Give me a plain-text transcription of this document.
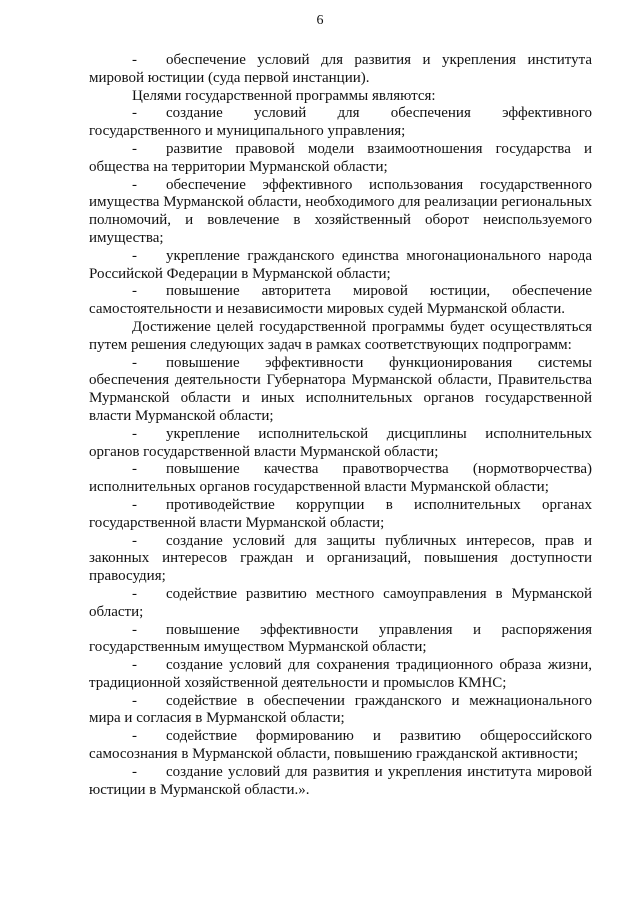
6

- обеспечение условий для развития и укрепления института мировой юстиции (суда первой инстанции).

Целями государственной программы являются:

- создание условий для обеспечения эффективного государственного и муниципального управления;

- развитие правовой модели взаимоотношения государства и общества на территории Мурманской области;

- обеспечение эффективного использования государственного имущества Мурманской области, необходимого для реализации региональных полномочий, и вовлечение в хозяйственный оборот неиспользуемого имущества;

- укрепление гражданского единства многонационального народа Российской Федерации в Мурманской области;

- повышение авторитета мировой юстиции, обеспечение самостоятельности и независимости мировых судей Мурманской области.

Достижение целей государственной программы будет осуществляться путем решения следующих задач в рамках соответствующих подпрограмм:

- повышение эффективности функционирования системы обеспечения деятельности Губернатора Мурманской области, Правительства Мурманской области и иных исполнительных органов государственной власти Мурманской области;

- укрепление исполнительской дисциплины исполнительных органов государственной власти Мурманской области;

- повышение качества правотворчества (нормотворчества) исполнительных органов государственной власти Мурманской области;

- противодействие коррупции в исполнительных органах государственной власти Мурманской области;

- создание условий для защиты публичных интересов, прав и законных интересов граждан и организаций, повышения доступности правосудия;

- содействие развитию местного самоуправления в Мурманской области;

- повышение эффективности управления и распоряжения государственным имуществом Мурманской области;

- создание условий для сохранения традиционного образа жизни, традиционной хозяйственной деятельности и промыслов КМНС;

- содействие в обеспечении гражданского и межнационального мира и согласия в Мурманской области;

- содействие формированию и развитию общероссийского самосознания в Мурманской области, повышению гражданской активности;

- создание условий для развития и укрепления института мировой юстиции в Мурманской области.».
